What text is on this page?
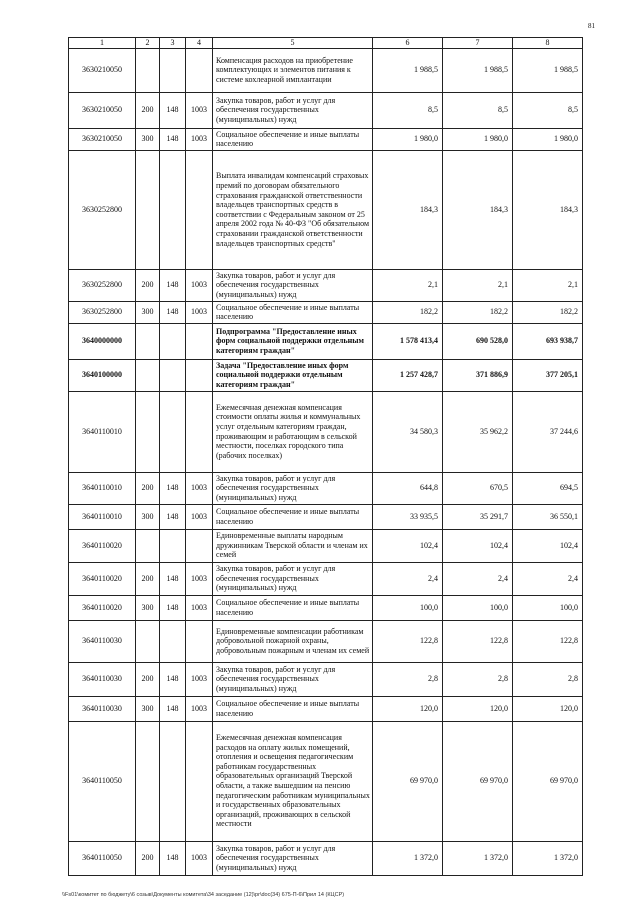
81
1	2	3	4	5	6	7	8
3630210050				Компенсация расходов на приобретение комплектующих и элементов питания к системе кохлеарной имплантации	1 988,5	1 988,5	1 988,5
3630210050	200	148	1003	Закупка товаров, работ и услуг для обеспечения государственных (муниципальных) нужд	8,5	8,5	8,5
3630210050	300	148	1003	Социальное обеспечение и иные выплаты населению	1 980,0	1 980,0	1 980,0
3630252800				Выплата инвалидам компенсаций страховых премий по договорам обязательного страхования гражданской ответственности владельцев транспортных средств в соответствии с Федеральным законом от 25 апреля 2002 года № 40-ФЗ "Об обязательном страховании гражданской ответственности владельцев транспортных средств"	184,3	184,3	184,3
3630252800	200	148	1003	Закупка товаров, работ и услуг для обеспечения государственных (муниципальных) нужд	2,1	2,1	2,1
3630252800	300	148	1003	Социальное обеспечение и иные выплаты населению	182,2	182,2	182,2
3640000000				Подпрограмма "Предоставление иных форм социальной поддержки отдельным категориям граждан"	1 578 413,4	690 528,0	693 938,7
3640100000				Задача "Предоставление иных форм социальной поддержки отдельным категориям граждан"	1 257 428,7	371 886,9	377 205,1
3640110010				Ежемесячная денежная компенсация стоимости оплаты жилья и коммунальных услуг отдельным категориям граждан, проживающим и работающим в сельской местности, поселках городского типа (рабочих поселках)	34 580,3	35 962,2	37 244,6
3640110010	200	148	1003	Закупка товаров, работ и услуг для обеспечения государственных (муниципальных) нужд	644,8	670,5	694,5
3640110010	300	148	1003	Социальное обеспечение и иные выплаты населению	33 935,5	35 291,7	36 550,1
3640110020				Единовременные выплаты народным дружинникам Тверской области и членам их семей	102,4	102,4	102,4
3640110020	200	148	1003	Закупка товаров, работ и услуг для обеспечения государственных (муниципальных) нужд	2,4	2,4	2,4
3640110020	300	148	1003	Социальное обеспечение и иные выплаты населению	100,0	100,0	100,0
3640110030				Единовременные компенсации работникам добровольной пожарной охраны, добровольным пожарным и членам их семей	122,8	122,8	122,8
3640110030	200	148	1003	Закупка товаров, работ и услуг для обеспечения государственных (муниципальных) нужд	2,8	2,8	2,8
3640110030	300	148	1003	Социальное обеспечение и иные выплаты населению	120,0	120,0	120,0
3640110050				Ежемесячная денежная компенсация расходов на оплату жилых помещений, отопления и освещения педагогическим работникам государственных образовательных организаций Тверской области, а также вышедшим на пенсию педагогическим работникам муниципальных и государственных образовательных организаций, проживающих в сельской местности	69 970,0	69 970,0	69 970,0
3640110050	200	148	1003	Закупка товаров, работ и услуг для обеспечения государственных (муниципальных) нужд	1 372,0	1 372,0	1 372,0
\\Fs01\комитет по бюджету\6 созыв\Документы комитета\34 заседание (12)\pr\doc(34) 675-П-6\Прил 14 (КЦСР)
